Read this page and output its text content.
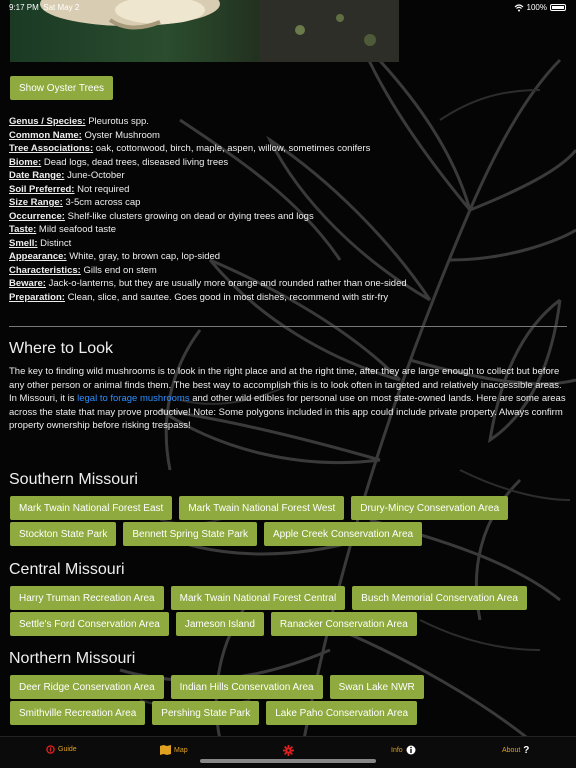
9:17 PM Sat May 2	100%
Show Oyster Trees
Genus / Species: Pleurotus spp.
Common Name: Oyster Mushroom
Tree Associations: oak, cottonwood, birch, maple, aspen, willow, sometimes conifers
Biome: Dead logs, dead trees, diseased living trees
Date Range: June-October
Soil Preferred: Not required
Size Range: 3-5cm across cap
Occurrence: Shelf-like clusters growing on dead or dying trees and logs
Taste: Mild seafood taste
Smell: Distinct
Appearance: White, gray, to brown cap, lop-sided
Characteristics: Gills end on stem
Beware: Jack-o-lanterns, but they are usually more orange and rounded rather than one-sided
Preparation: Clean, slice, and sautee. Goes good in most dishes, recommend with stir-fry
Where to Look
The key to finding wild mushrooms is to look in the right place and at the right time, after they are large enough to collect but before any other person or animal finds them. The best way to accomplish this is to look often in targeted and relatively inaccessible areas. In Missouri, it is legal to forage mushrooms and other wild edibles for personal use on most state-owned lands. Here are some areas across the state that may prove productive! Note: Some polygons included in this app could include private property. Always confirm property ownership before risking trespass!
Southern Missouri
Mark Twain National Forest East	Mark Twain National Forest West	Drury-Mincy Conservation Area
Stockton State Park	Bennett Spring State Park	Apple Creek Conservation Area
Central Missouri
Harry Truman Recreation Area	Mark Twain National Forest Central	Busch Memorial Conservation Area
Settle's Ford Conservation Area	Jameson Island	Ranacker Conservation Area
Northern Missouri
Deer Ridge Conservation Area	Indian Hills Conservation Area	Swan Lake NWR
Smithville Recreation Area	Pershing State Park	Lake Paho Conservation Area
Guide	Map	Info	About ?
